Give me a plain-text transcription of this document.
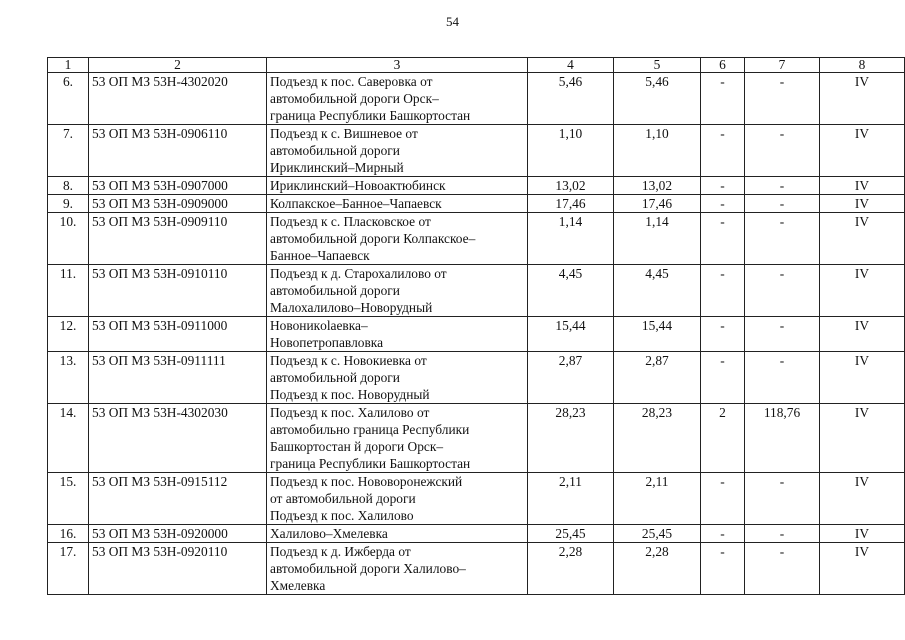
54
1	2	3	4	5	6	7	8
6.	53 ОП МЗ 53Н-4302020	Подъезд к пос. Саверовка от
автомобильной дороги Орск–
граница Республики Башкортостан	5,46	5,46	-	-	IV
7.	53 ОП МЗ 53Н-0906110	Подъезд к с. Вишневое от
автомобильной дороги
Ириклинский–Мирный	1,10	1,10	-	-	IV
8.	53 ОП МЗ 53Н-0907000	Ириклинский–Новоактюбинск	13,02	13,02	-	-	IV
9.	53 ОП МЗ 53Н-0909000	Колпакское–Банное–Чапаевск	17,46	17,46	-	-	IV
10.	53 ОП МЗ 53Н-0909110	Подъезд к с. Пласковское от
автомобильной дороги Колпакское–
Банное–Чапаевск	1,14	1,14	-	-	IV
11.	53 ОП МЗ 53Н-0910110	Подъезд к д. Старохалилово от
автомобильной дороги
Малохалилово–Новорудный	4,45	4,45	-	-	IV
12.	53 ОП МЗ 53Н-0911000	Новоникolaевка–
Новопетропавловка	15,44	15,44	-	-	IV
13.	53 ОП МЗ 53Н-0911111	Подъезд к с. Новокиевка от
автомобильной дороги
Подъезд к пос. Новорудный	2,87	2,87	-	-	IV
14.	53 ОП МЗ 53Н-4302030	Подъезд к пос. Халилово от
автомобильно граница Республики
Башкортостан й дороги Орск–
граница Республики Башкортостан	28,23	28,23	2	118,76	IV
15.	53 ОП МЗ 53Н-0915112	Подъезд к пос. Нововоронежский
от автомобильной дороги
Подъезд к пос. Халилово	2,11	2,11	-	-	IV
16.	53 ОП МЗ 53Н-0920000	Халилово–Хмелевка	25,45	25,45	-	-	IV
17.	53 ОП МЗ 53Н-0920110	Подъезд к д. Ижберда от
автомобильной дороги Халилово–
Хмелевка	2,28	2,28	-	-	IV
